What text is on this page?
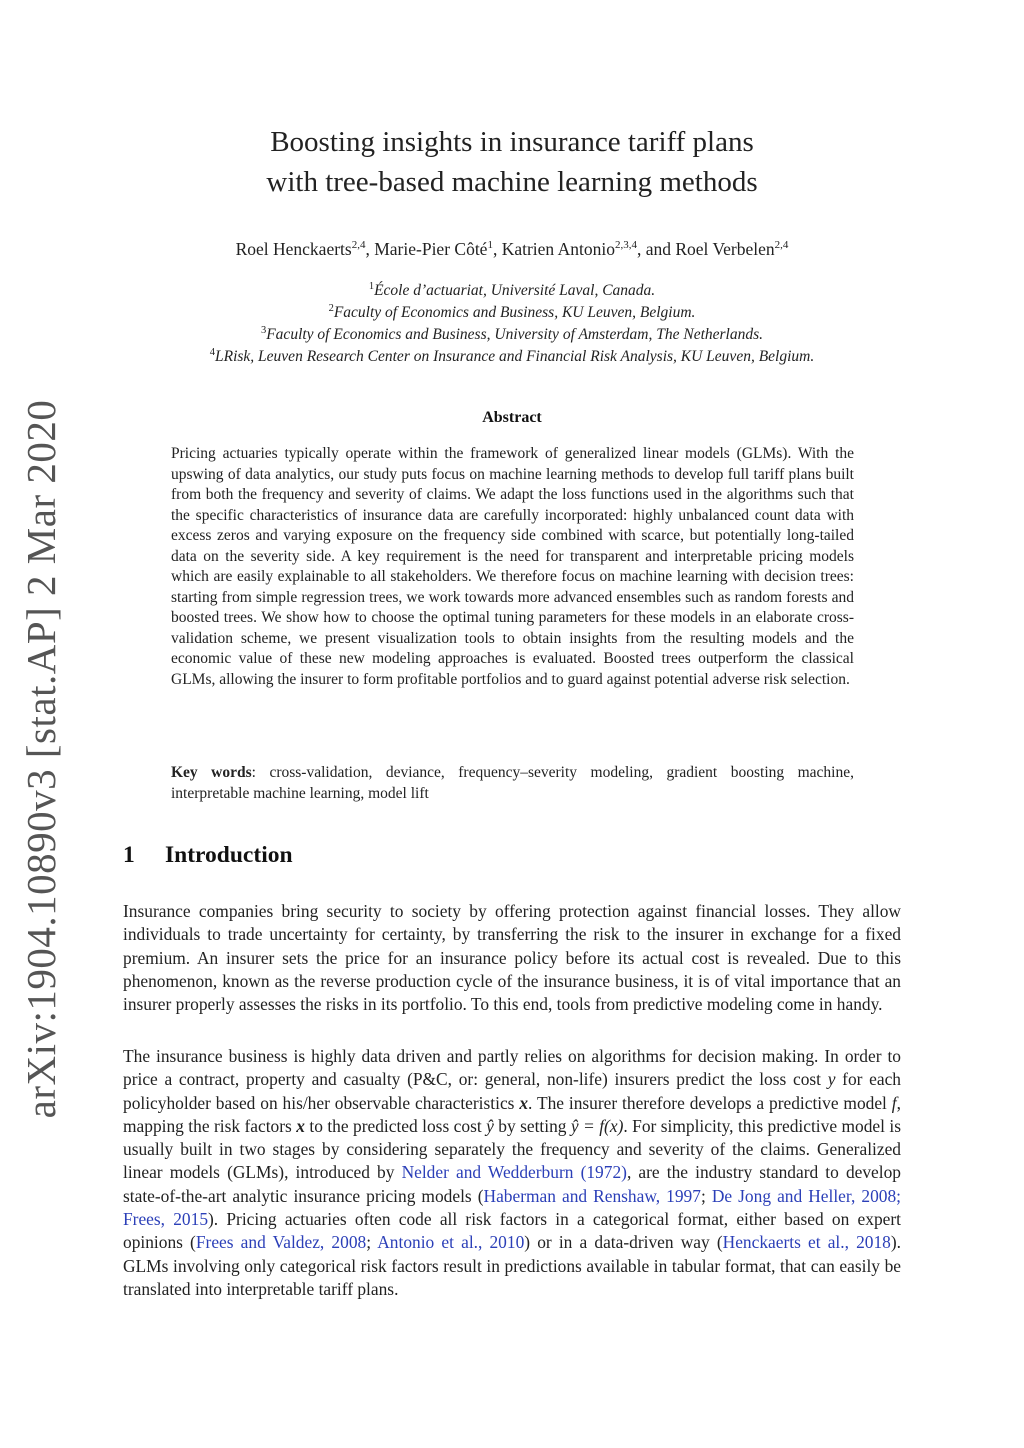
arXiv:1904.10890v3 [stat.AP] 2 Mar 2020
Boosting insights in insurance tariff plans
with tree-based machine learning methods
Roel Henckaerts$^{2,4}$, Marie-Pier Côté$^1$, Katrien Antonio$^{2,3,4}$, and Roel Verbelen$^{2,4}$
$^1$École d’actuariat, Université Laval, Canada.
$^2$Faculty of Economics and Business, KU Leuven, Belgium.
$^3$Faculty of Economics and Business, University of Amsterdam, The Netherlands.
$^4$LRisk, Leuven Research Center on Insurance and Financial Risk Analysis, KU Leuven, Belgium.
Abstract
Pricing actuaries typically operate within the framework of generalized linear models (GLMs). With the upswing of data analytics, our study puts focus on machine learning methods to develop full tariff plans built from both the frequency and severity of claims. We adapt the loss functions used in the algorithms such that the specific characteristics of insurance data are carefully incorporated: highly unbalanced count data with excess zeros and varying exposure on the frequency side combined with scarce, but potentially long-tailed data on the severity side. A key requirement is the need for transparent and interpretable pricing models which are easily explainable to all stakeholders. We therefore focus on machine learning with decision trees: starting from simple regression trees, we work towards more advanced ensembles such as random forests and boosted trees. We show how to choose the optimal tuning parameters for these models in an elaborate cross-validation scheme, we present visualization tools to obtain insights from the resulting models and the economic value of these new modeling approaches is evaluated. Boosted trees outperform the classical GLMs, allowing the insurer to form profitable portfolios and to guard against potential adverse risk selection.
Key words: cross-validation, deviance, frequency–severity modeling, gradient boosting machine, interpretable machine learning, model lift
1 Introduction
Insurance companies bring security to society by offering protection against financial losses. They allow individuals to trade uncertainty for certainty, by transferring the risk to the insurer in exchange for a fixed premium. An insurer sets the price for an insurance policy before its actual cost is revealed. Due to this phenomenon, known as the reverse production cycle of the insurance business, it is of vital importance that an insurer properly assesses the risks in its portfolio. To this end, tools from predictive modeling come in handy.
The insurance business is highly data driven and partly relies on algorithms for decision making. In order to price a contract, property and casualty (P&C, or: general, non-life) insurers predict the loss cost y for each policyholder based on his/her observable characteristics x. The insurer therefore develops a predictive model f, mapping the risk factors x to the predicted loss cost ŷ by setting ŷ = f(x). For simplicity, this predictive model is usually built in two stages by considering separately the frequency and severity of the claims. Generalized linear models (GLMs), introduced by Nelder and Wedderburn (1972), are the industry standard to develop state-of-the-art analytic insurance pricing models (Haberman and Renshaw, 1997; De Jong and Heller, 2008; Frees, 2015). Pricing actuaries often code all risk factors in a categorical format, either based on expert opinions (Frees and Valdez, 2008; Antonio et al., 2010) or in a data-driven way (Henckaerts et al., 2018). GLMs involving only categorical risk factors result in predictions available in tabular format, that can easily be translated into interpretable tariff plans.
